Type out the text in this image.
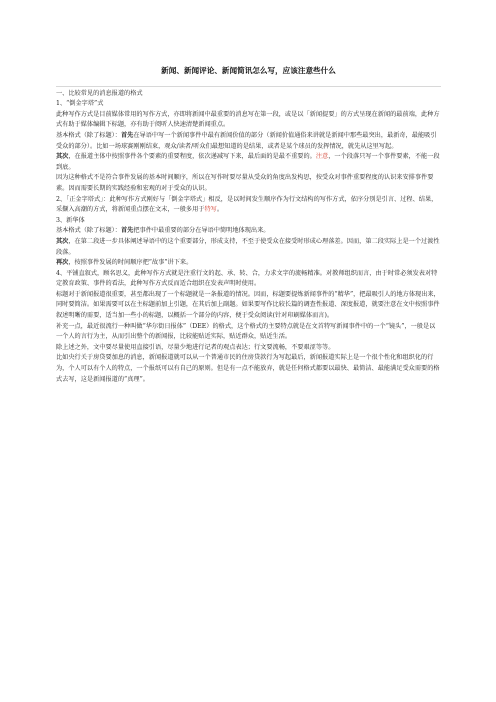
新闻、新闻评论、新闻简讯怎么写，应该注意些什么

一、比较常见的消息报道的格式

1、“倒金字塔”式

此种写作方式是目前媒体常用的写作方式，亦即将新闻中最重要的消息写在第一段，或是以「新闻提要」的方式呈现在新闻的最前端，此种方式有助于媒体编辑下标题，亦有助于阅听人快速清楚新闻重点。

基本格式（除了标题）：首先在导语中写一个新闻事件中最有新闻价值的部分（新闻价值通俗来讲就是新闻中那些最突出，最新奇，最能吸引受众的部分）。比如一场球赛刚刚结束，观众/读者/听众们最想知道的是结果，或者是某个球员的发挥情况，就先从这里写起。

其次，在报道主体中按照事件各个要素的重要程度，依次递减写下来，最后面的是最不重要的。注意，一个段落只写一个事件要素，不能一段到底。

因为这种格式不是符合事件发展的基本时间顺序，所以在写作时要尽量从受众的角度出发构思，按受众对事件重要程度的认识来安排事件要素。因而需要长期的实践经验和宏观的对于受众的认识。

2、「正金字塔式」：此种写作方式刚好与「倒金字塔式」相反，是以时间发生顺序作为行文结构的写作方式，依序分别是引言、过程、结果，采撷入高潮的方式，将新闻重点摆在文末，一般多用于特写。

3、新华体

基本格式（除了标题）：首先把事件中最重要的部分在导语中简明地体现出来。

其次，在第二段进一步具体阐述导语中的这个重要部分，形成支持，不至于使受众在接受时形成心理落差。因而，第二段实际上是一个过渡性段落。

再次，按照事件发展的时间顺序把“故事”讲下来。

4、平铺直叙式，顾名思义，此种写作方式就是注重行文的起、承、转、合，力求文字的流畅精准。对教师组织而言，由于时常必须发表对特定教育政策、事件的看法，此种写作方式反而适合组织在发表声明时使用。

标题对于新闻报道很重要，甚至都出现了一个标题就是一条报道的情况。因而，标题要提炼新闻事件的“精华”，把最吸引人的地方体现出来，同时要简洁。如果需要可以在主标题前加上引题，在其后加上副题。如果要写作比较长篇的调查性报道、深度报道，就要注意在文中按照事件叙述明晰的需要，适当加一些小的标题，以概括一个部分的内容，便于受众阅读(针对印刷媒体而言)。

补充一点，最近很流行一种叫做“华尔街日报体”（DEE）的格式，这个格式的主要特点就是在文首特写新闻事件中的一个“镜头”，一般是以一个人的言行为主，从而引出整个的新闻报，比较能贴近实际，贴近群众，贴近生活。

除上述之外，文中要尽量使用直接引语，尽量少地进行记者的观点表达；行文要流畅，不要艰涩等等。

比如央行关于房贷要加息的消息，新闻报道就可以从一个普通市民的住房贷款行为写起最后，新闻报道实际上是一个很个性化和组织化的行为，个人可以有个人的特点，一个报纸可以有自己的原则。但是有一点不能放弃，就是任何格式都要以最快、最简洁、最能满足受众需要的格式去写，这是新闻报道的“真理”。
